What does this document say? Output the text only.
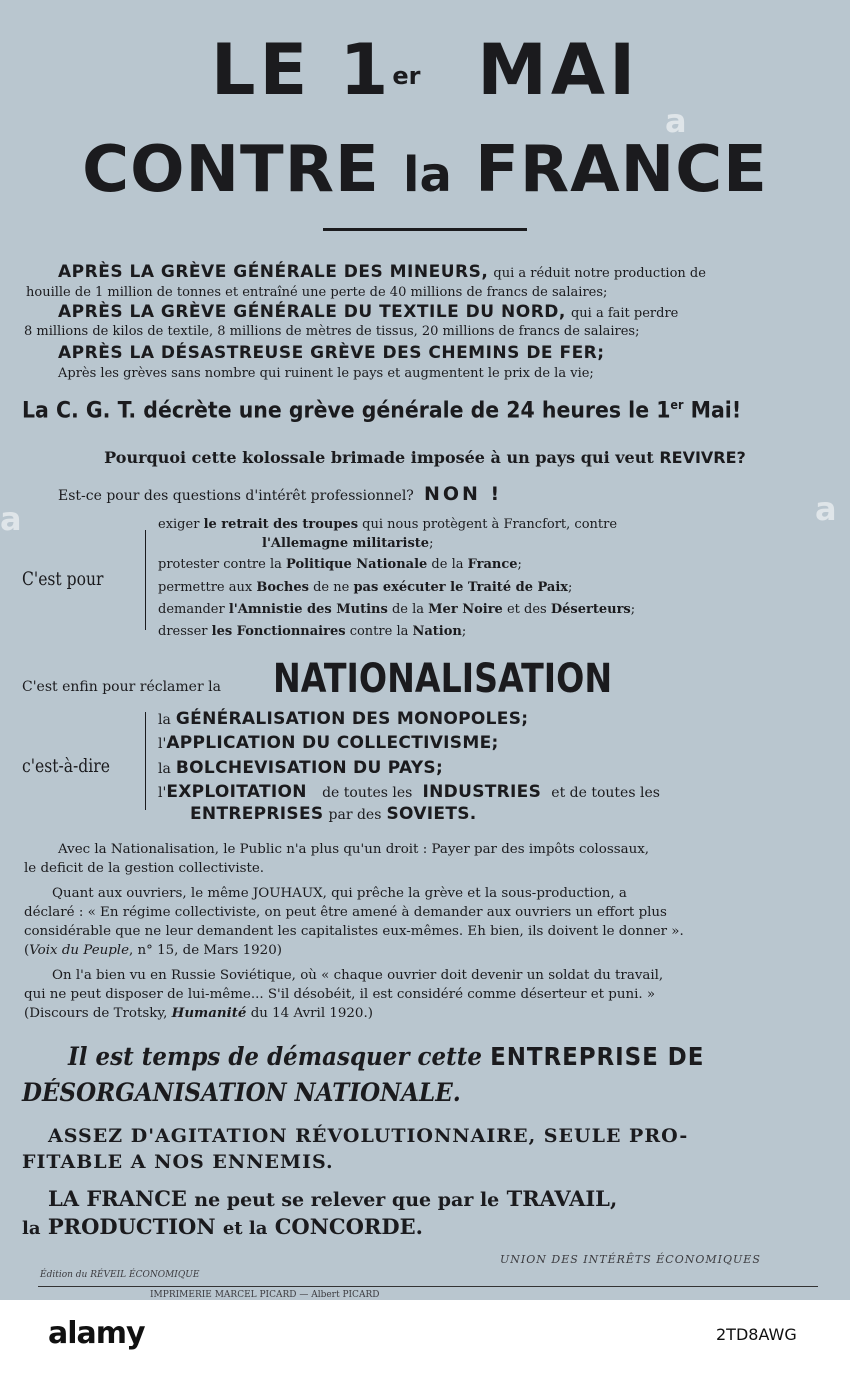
LE 1er MAI
CONTRE la FRANCE
APRÈS LA GRÈVE GÉNÉRALE DES MINEURS, qui a réduit notre production de
houille de 1 million de tonnes et entraîné une perte de 40 millions de francs de salaires;
APRÈS LA GRÈVE GÉNÉRALE DU TEXTILE DU NORD, qui a fait perdre
8 millions de kilos de textile, 8 millions de mètres de tissus, 20 millions de francs de salaires;
APRÈS LA DÉSASTREUSE GRÈVE DES CHEMINS DE FER;
Après les grèves sans nombre qui ruinent le pays et augmentent le prix de la vie;
La C. G. T. décrète une grève générale de 24 heures le 1er Mai!
Pourquoi cette kolossale brimade imposée à un pays qui veut REVIVRE?
Est-ce pour des questions d'intérêt professionnel? NON !
C'est pour
exiger le retrait des troupes qui nous protègent à Francfort, contre
l'Allemagne militariste;
protester contre la Politique Nationale de la France;
permettre aux Boches de ne pas exécuter le Traité de Paix;
demander l'Amnistie des Mutins de la Mer Noire et des Déserteurs;
dresser les Fonctionnaires contre la Nation;
C'est enfin pour réclamer la NATIONALISATION
c'est-à-dire
la GÉNÉRALISATION DES MONOPOLES;
l'APPLICATION DU COLLECTIVISME;
la BOLCHEVISATION DU PAYS;
l'EXPLOITATION de toutes les INDUSTRIES et de toutes les
ENTREPRISES par des SOVIETS.
Avec la Nationalisation, le Public n'a plus qu'un droit : Payer par des impôts colossaux,
le deficit de la gestion collectiviste.
Quant aux ouvriers, le même JOUHAUX, qui prêche la grève et la sous-production, a
déclaré : « En régime collectiviste, on peut être amené à demander aux ouvriers un effort plus
considérable que ne leur demandent les capitalistes eux-mêmes. Eh bien, ils doivent le donner ».
(Voix du Peuple, n° 15, de Mars 1920)
On l'a bien vu en Russie Soviétique, où « chaque ouvrier doit devenir un soldat du travail,
qui ne peut disposer de lui-même... S'il désobéit, il est considéré comme déserteur et puni. »
(Discours de Trotsky, Humanité du 14 Avril 1920.)
Il est temps de démasquer cette ENTREPRISE DE
DÉSORGANISATION NATIONALE.
ASSEZ D'AGITATION RÉVOLUTIONNAIRE, SEULE PRO-
FITABLE A NOS ENNEMIS.
LA FRANCE ne peut se relever que par le TRAVAIL,
la PRODUCTION et la CONCORDE.
UNION DES INTÉRÊTS ÉCONOMIQUES
Édition du RÉVEIL ÉCONOMIQUE
IMPRIMERIE MARCEL PICARD — Albert PICARD
a
a	a
alamy	2TD8AWG
